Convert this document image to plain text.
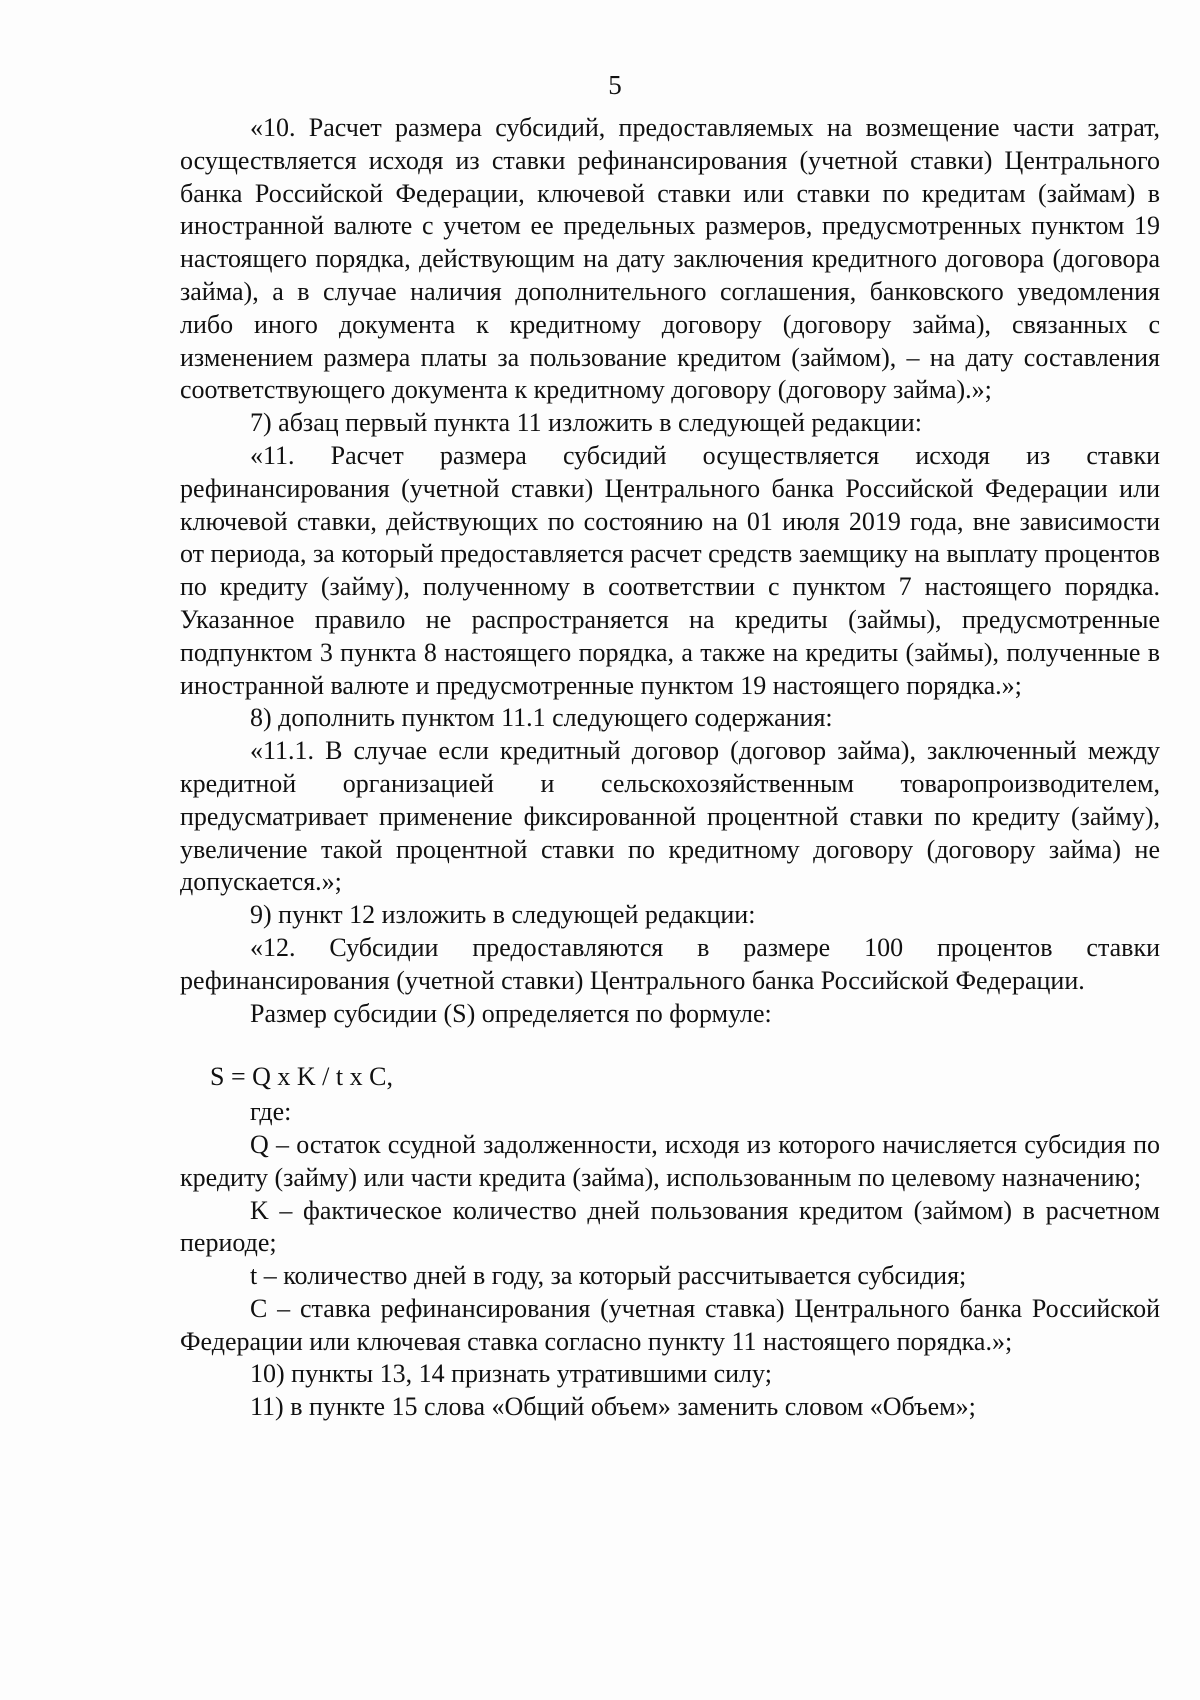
5

«10. Расчет размера субсидий, предоставляемых на возмещение части затрат, осуществляется исходя из ставки рефинансирования (учетной ставки) Центрального банка Российской Федерации, ключевой ставки или ставки по кредитам (займам) в иностранной валюте с учетом ее предельных размеров, предусмотренных пунктом 19 настоящего порядка, действующим на дату заключения кредитного договора (договора займа), а в случае наличия дополнительного соглашения, банковского уведомления либо иного документа к кредитному договору (договору займа), связанных с изменением размера платы за пользование кредитом (займом), – на дату составления соответствующего документа к кредитному договору (договору займа).»;

7) абзац первый пункта 11 изложить в следующей редакции:

«11. Расчет размера субсидий осуществляется исходя из ставки рефинансирования (учетной ставки) Центрального банка Российской Федерации или ключевой ставки, действующих по состоянию на 01 июля 2019 года, вне зависимости от периода, за который предоставляется расчет средств заемщику на выплату процентов по кредиту (займу), полученному в соответствии с пунктом 7 настоящего порядка. Указанное правило не распространяется на кредиты (займы), предусмотренные подпунктом 3 пункта 8 настоящего порядка, а также на кредиты (займы), полученные в иностранной валюте и предусмотренные пунктом 19 настоящего порядка.»;

8) дополнить пунктом 11.1 следующего содержания:

«11.1. В случае если кредитный договор (договор займа), заключенный между кредитной организацией и сельскохозяйственным товаропроизводителем, предусматривает применение фиксированной процентной ставки по кредиту (займу), увеличение такой процентной ставки по кредитному договору (договору займа) не допускается.»;

9) пункт 12 изложить в следующей редакции:

«12. Субсидии предоставляются в размере 100 процентов ставки рефинансирования (учетной ставки) Центрального банка Российской Федерации.

Размер субсидии (S) определяется по формуле:

S = Q x K / t x C,

где:

Q – остаток ссудной задолженности, исходя из которого начисляется субсидия по кредиту (займу) или части кредита (займа), использованным по целевому назначению;

K – фактическое количество дней пользования кредитом (займом) в расчетном периоде;

t – количество дней в году, за который рассчитывается субсидия;

C – ставка рефинансирования (учетная ставка) Центрального банка Российской Федерации или ключевая ставка согласно пункту 11 настоящего порядка.»;

10) пункты 13, 14 признать утратившими силу;

11) в пункте 15 слова «Общий объем» заменить словом «Объем»;
